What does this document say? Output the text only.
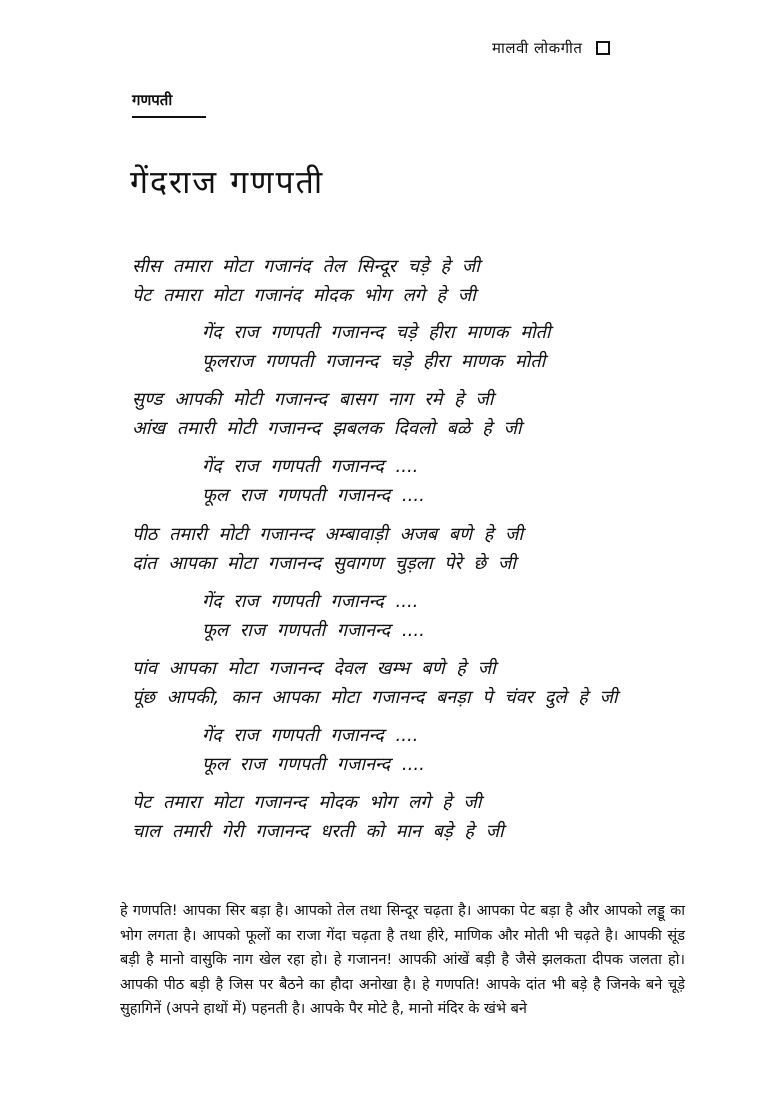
मालवी लोकगीत
गणपती
गेंदराज गणपती
सीस तमारा मोटा गजानंद तेल सिन्दूर चड़े हे जी
पेट तमारा मोटा गजानंद मोदक भोग लगे हे जी
गेंद राज गणपती गजानन्द चड़े हीरा माणक मोती
फूलराज गणपती गजानन्द चड़े हीरा माणक मोती
सुण्ड आपकी मोटी गजानन्द बासग नाग रमे हे जी
आंख तमारी मोटी गजानन्द झबलक दिवलो बळे हे जी
गेंद राज गणपती गजानन्द ....
फूल राज गणपती गजानन्द ....
पीठ तमारी मोटी गजानन्द अम्बावाड़ी अजब बणे हे जी
दांत आपका मोटा गजानन्द सुवागण चुड़ला पेरे छे जी
गेंद राज गणपती गजानन्द ....
फूल राज गणपती गजानन्द ....
पांव आपका मोटा गजानन्द देवल खम्भ बणे हे जी
पूंछ आपकी, कान आपका मोटा गजानन्द बनड़ा पे चंवर दुले हे जी
गेंद राज गणपती गजानन्द ....
फूल राज गणपती गजानन्द ....
पेट तमारा मोटा गजानन्द मोदक भोग लगे हे जी
चाल तमारी गेरी गजानन्द धरती को मान बड़े हे जी

हे गणपति! आपका सिर बड़ा है। आपको तेल तथा सिन्दूर चढ़ता है। आपका पेट बड़ा है और आपको लड्डू का भोग लगता है। आपको फूलों का राजा गेंदा चढ़ता है तथा हीरे, माणिक और मोती भी चढ़ते है। आपकी सूंड बड़ी है मानो वासुकि नाग खेल रहा हो। हे गजानन! आपकी आंखें बड़ी है जैसे झलकता दीपक जलता हो। आपकी पीठ बड़ी है जिस पर बैठने का हौदा अनोखा है। हे गणपति! आपके दांत भी बड़े है जिनके बने चूड़े सुहागिनें (अपने हाथों में) पहनती है। आपके पैर मोटे है, मानो मंदिर के खंभे बने
